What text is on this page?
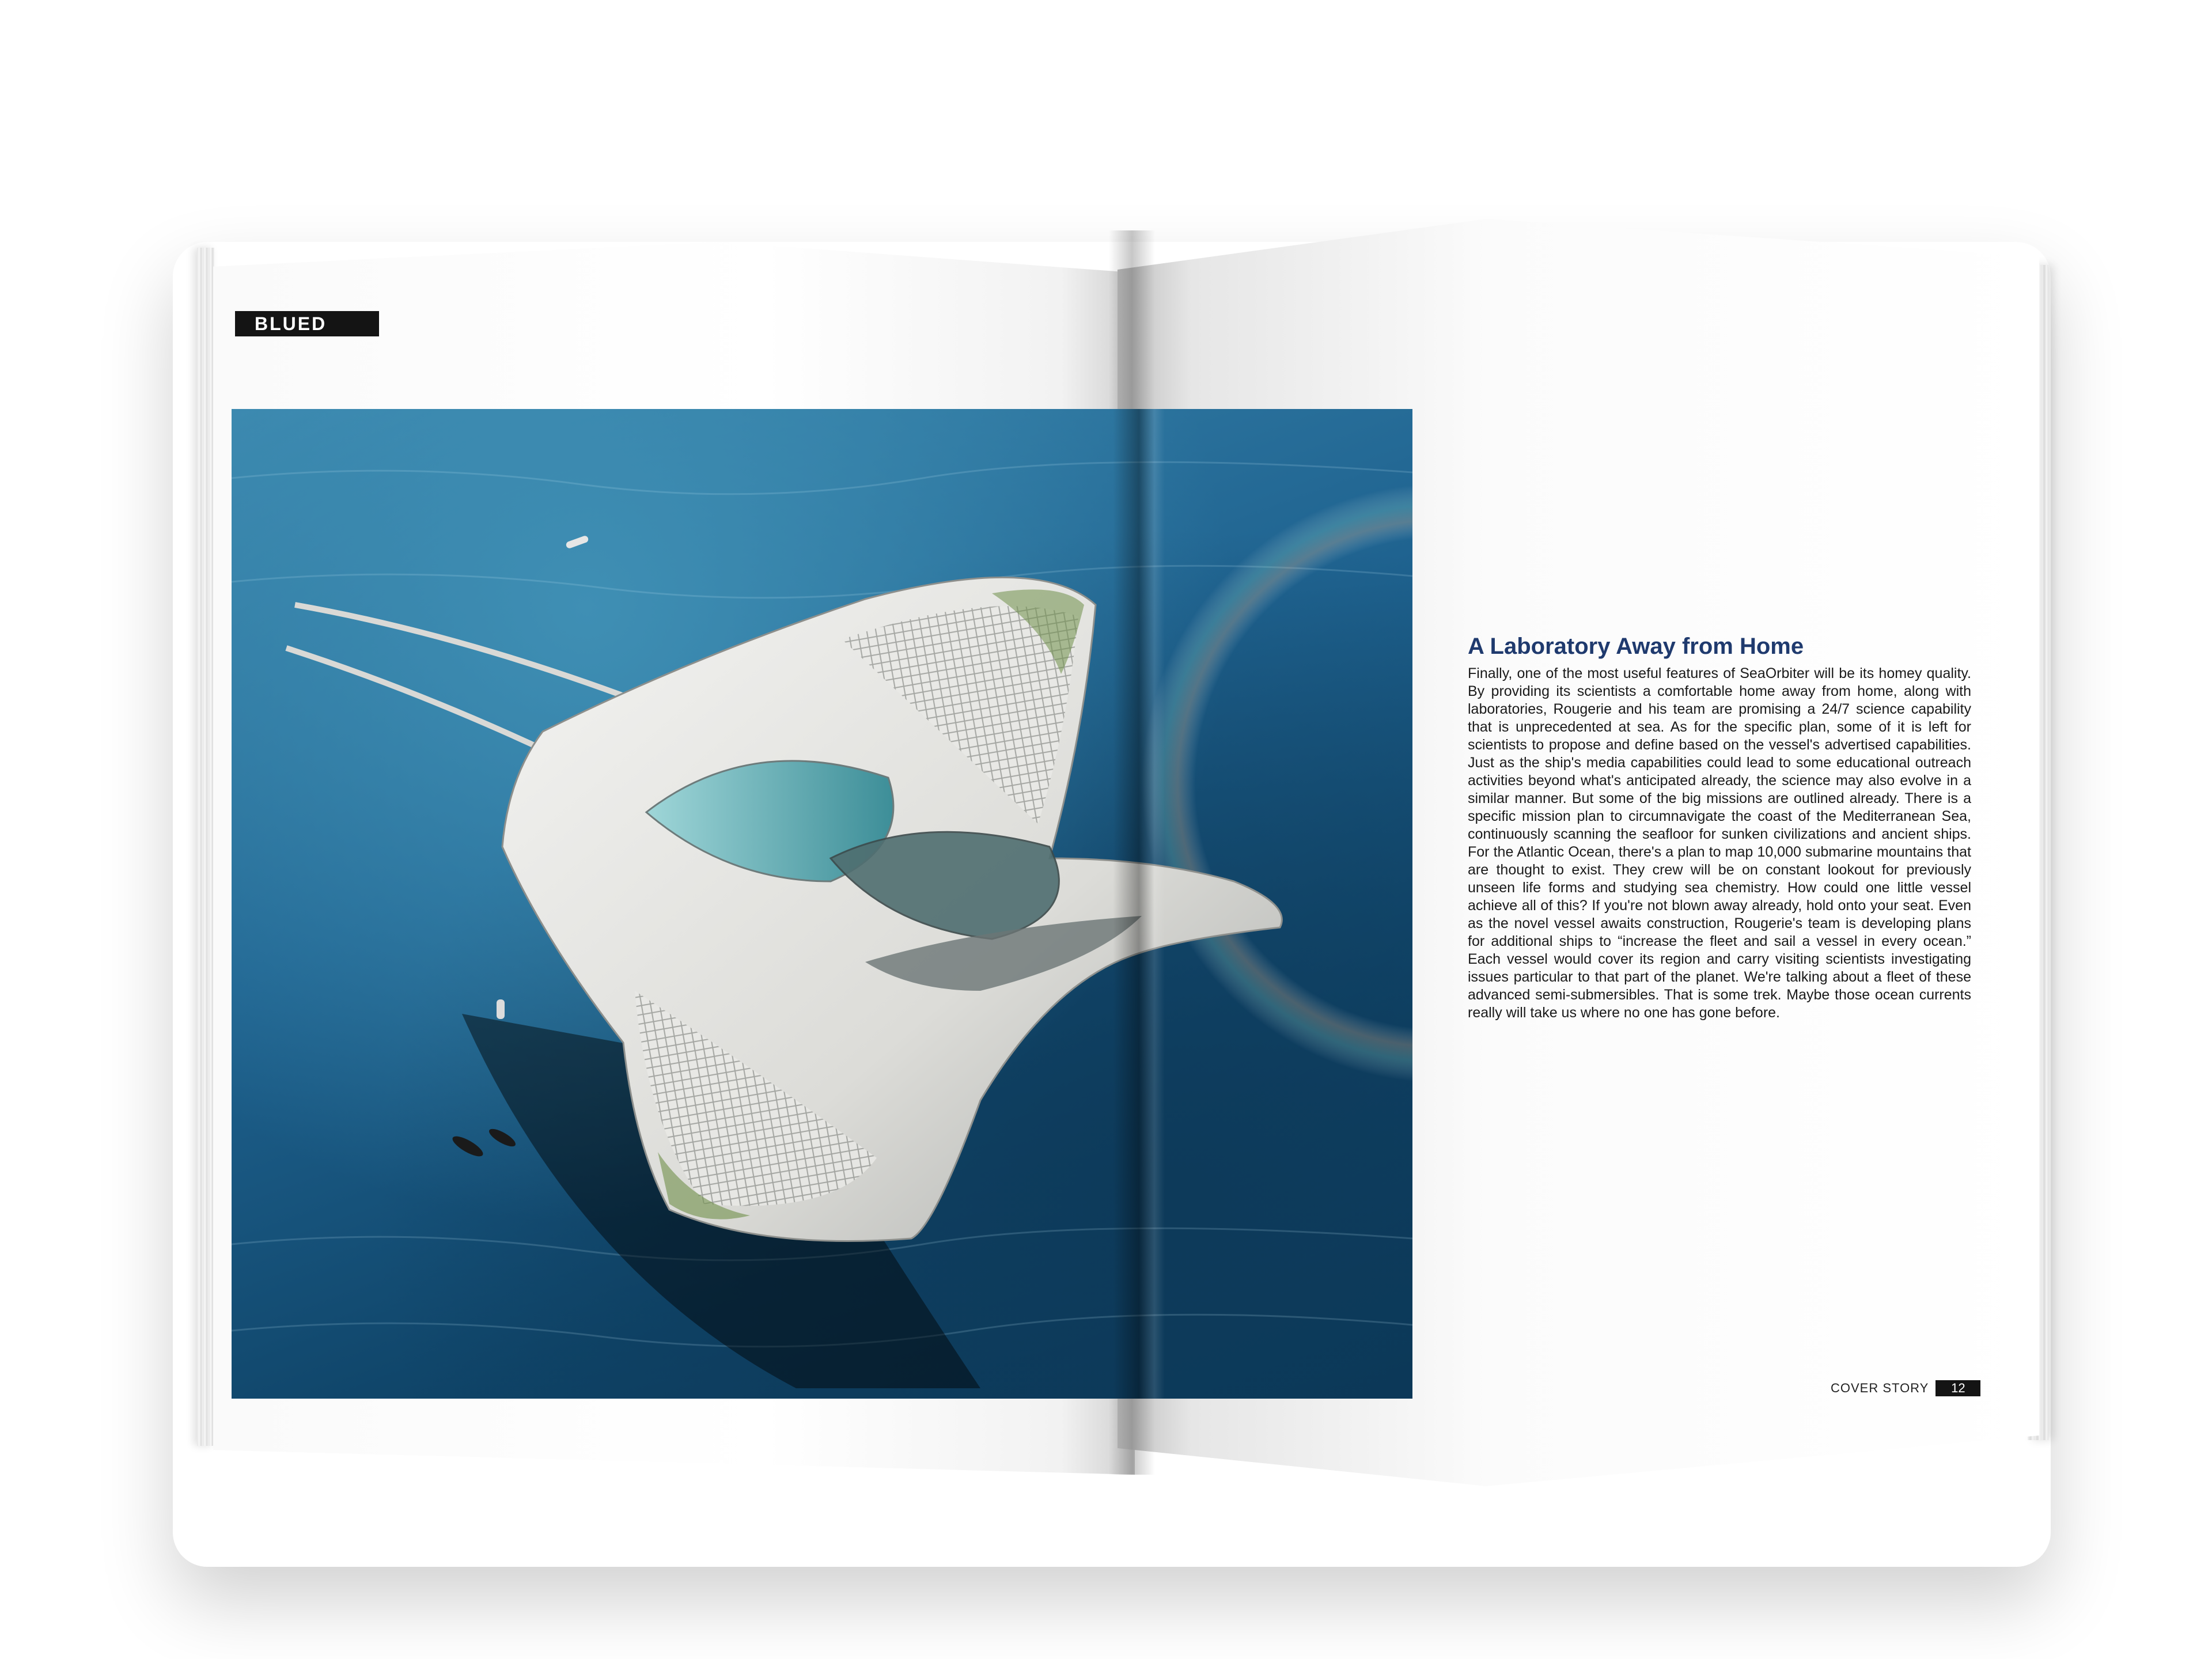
BLUED
A Laboratory Away from Home

Finally, one of the most useful features of SeaOrbiter will be its homey quality. By providing its scientists a comfortable home away from home, along with laboratories, Rougerie and his team are promising a 24/7 science capability that is unprecedented at sea. As for the specific plan, some of it is left for scientists to propose and define based on the vessel's advertised capabilities. Just as the ship's media capabilities could lead to some educational outreach activities beyond what's anticipated already, the science may also evolve in a similar manner. But some of the big missions are outlined already. There is a specific mission plan to circumnavigate the coast of the Mediterranean Sea, continuously scanning the seafloor for sunken civilizations and ancient ships. For the Atlantic Ocean, there's a plan to map 10,000 submarine mountains that are thought to exist. They crew will be on constant lookout for previously unseen life forms and studying sea chemistry. How could one little vessel achieve all of this? If you're not blown away already, hold onto your seat. Even as the novel vessel awaits construction, Rougerie's team is developing plans for additional ships to “increase the fleet and sail a vessel in every ocean.” Each vessel would cover its region and carry visiting scientists investigating issues particular to that part of the planet. We're talking about a fleet of these advanced semi-submersibles. That is some trek. Maybe those ocean currents really will take us where no one has gone before.

COVER STORY	12
